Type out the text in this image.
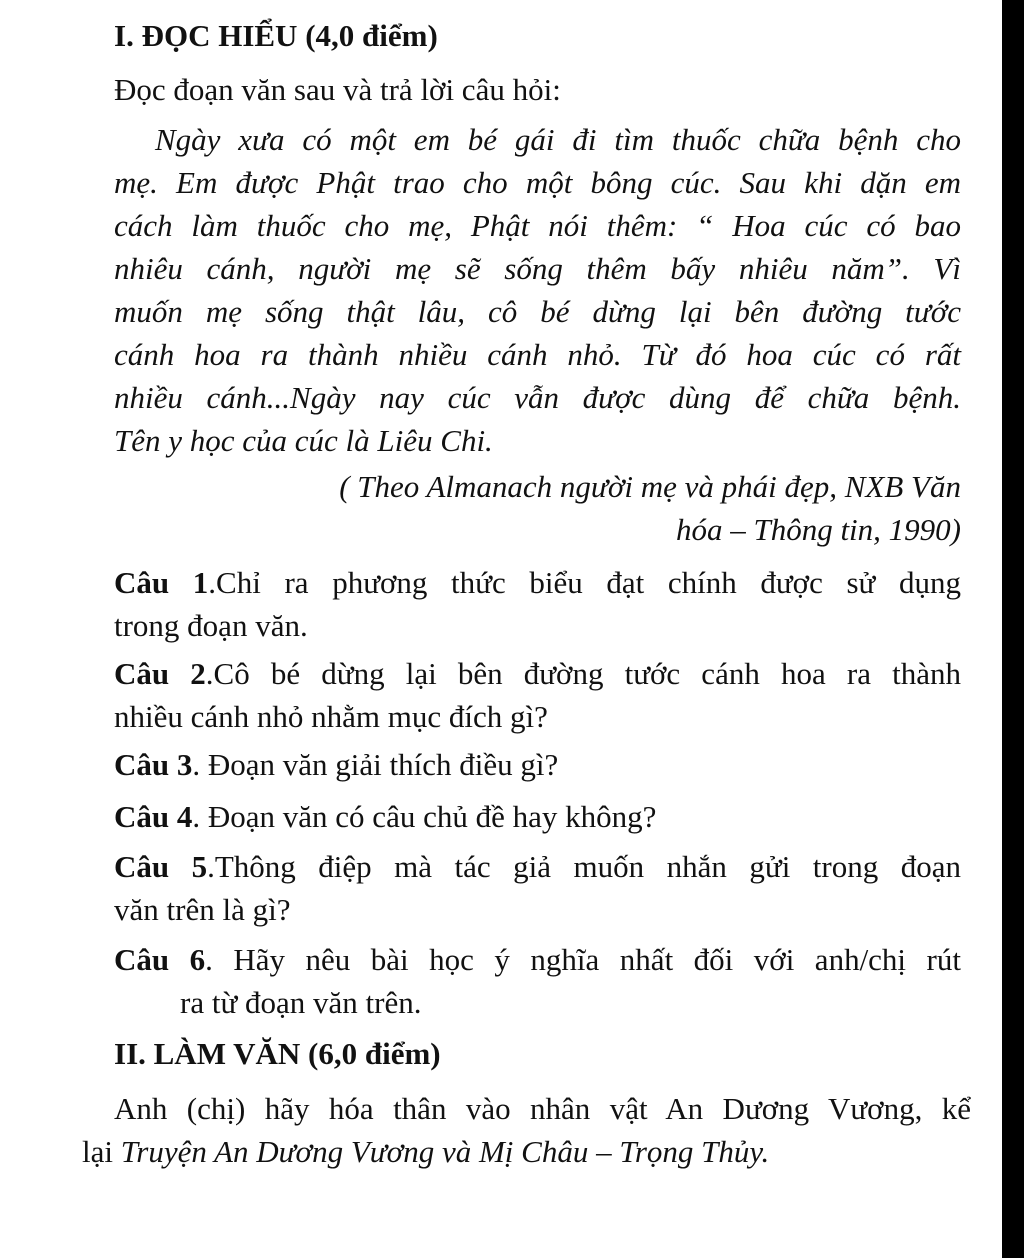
I. ĐỌC HIỂU (4,0 điểm)
Đọc đoạn văn sau và trả lời câu hỏi:
Ngày xưa có một em bé gái đi tìm thuốc chữa bệnh cho
mẹ. Em được Phật trao cho một bông cúc. Sau khi dặn em
cách làm thuốc cho mẹ, Phật nói thêm: “ Hoa cúc có bao
nhiêu cánh, người mẹ sẽ sống thêm bấy nhiêu năm”. Vì
muốn mẹ sống thật lâu, cô bé dừng lại bên đường tước
cánh hoa ra thành nhiều cánh nhỏ. Từ đó hoa cúc có rất
nhiều cánh...Ngày nay cúc vẫn được dùng để chữa bệnh.
Tên y học của cúc là Liêu Chi.
( Theo Almanach người mẹ và phái đẹp, NXB Văn
hóa – Thông tin, 1990)
Câu 1.Chỉ ra phương thức biểu đạt chính được sử dụng
trong đoạn văn.
Câu 2.Cô bé dừng lại bên đường tước cánh hoa ra thành
nhiều cánh nhỏ nhằm mục đích gì?
Câu 3. Đoạn văn giải thích điều gì?
Câu 4. Đoạn văn có câu chủ đề hay không?
Câu 5.Thông điệp mà tác giả muốn nhắn gửi trong đoạn
văn trên là gì?
Câu 6. Hãy nêu bài học ý nghĩa nhất đối với anh/chị rút
ra từ đoạn văn trên.
II. LÀM VĂN (6,0 điểm)
Anh (chị) hãy hóa thân vào nhân vật An Dương Vương, kể
lại Truyện An Dương Vương và Mị Châu – Trọng Thủy.
